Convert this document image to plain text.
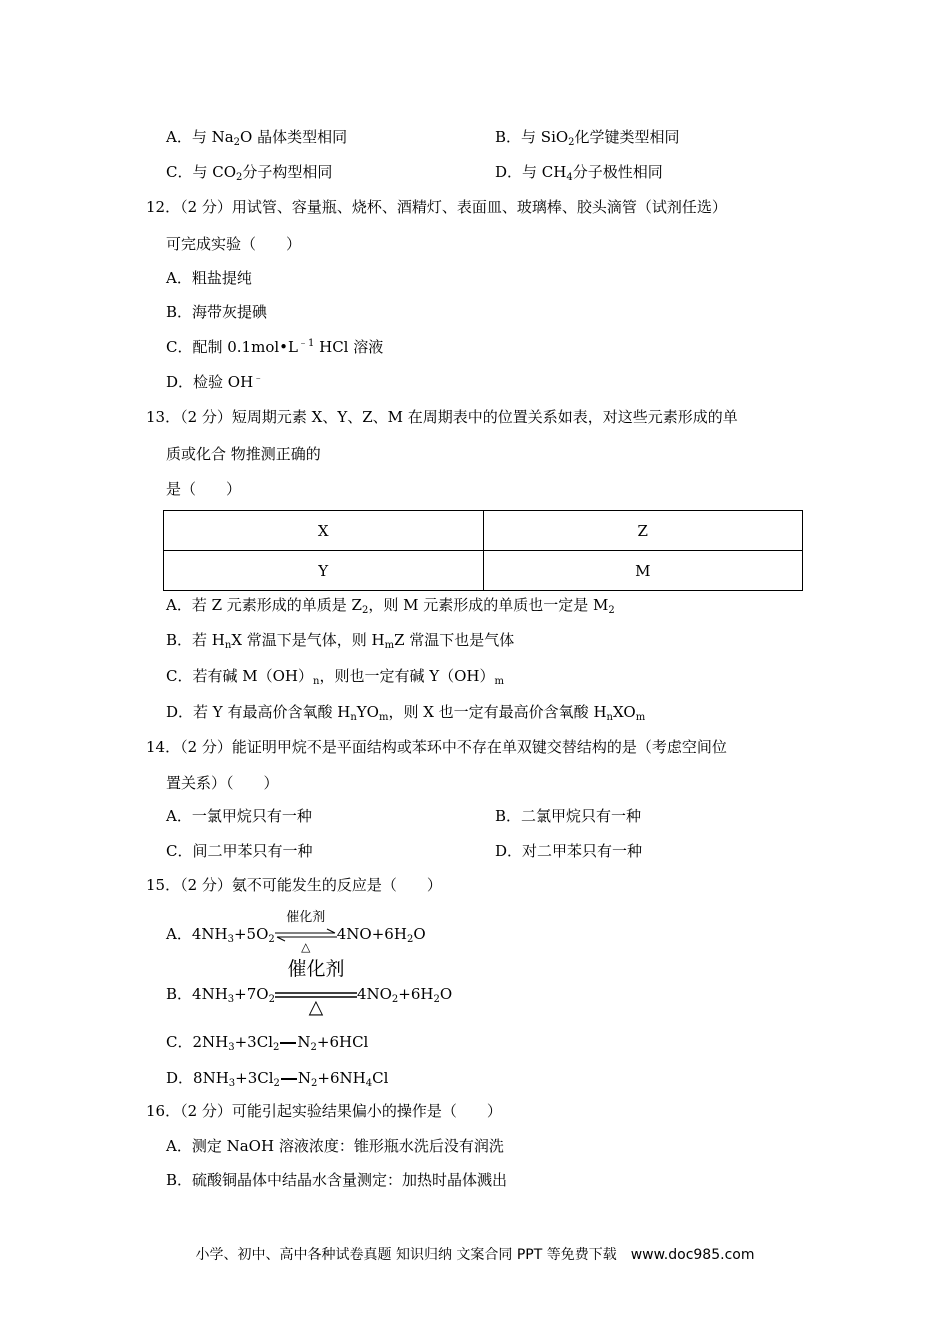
A．与 $Na_2O$ 晶体类型相同	B．与 SiO$_2$化学键类型相同
C．与 $CO_2$分子构型相同	D．与 $CH_4$分子极性相同
12．（2 分）用试管、容量瓶、烧杯、酒精灯、表面皿、玻璃棒、胶头滴管（试剂任选）
可完成实验（　　）
A．粗盐提纯
B．海带灰提碘
C．配制 $0.1mol•L^{﹣1}$ HCl 溶液
D．检验 OH﹣
13．（2 分）短周期元素 X、Y、Z、M 在周期表中的位置关系如表，对这些元素形成的单
质或化合 物推测正确的
是（　　）
X	Z
Y	M
A．若 Z 元素形成的单质是 $Z_2$，则 M 元素形成的单质也一定是 $M_2$
B．若 $H_nX$ 常温下是气体，则 $H_mZ$ 常温下也是气体
C．若有碱 $M(OH)_n$，则也一定有碱 $Y(OH)_m$
D．若 Y 有最高价含氧酸 $H_nYO_m$，则 X 也一定有最高价含氧酸 $H_nXO_m$
14．（2 分）能证明甲烷不是平面结构或苯环中不存在单双键交替结构的是（考虑空间位
置关系）（　　）
A．一氯甲烷只有一种	B．二氯甲烷只有一种
C．间二甲苯只有一种	D．对二甲苯只有一种
15．（2 分）氨不可能发生的反应是（　　）
A．$4NH_3+5O_2$
催化剂
△
$4NO+6H_2O$
B．$4NH_3+7O_2$
催化剂
△
$4NO_2+6H_2O$
C．$2NH_3+3Cl_2$ $N_2+6HCl$
D．$8NH_3+3Cl_2$ $N_2+6NH_4Cl$
16．（2 分）可能引起实验结果偏小的操作是（　　）
A．测定 NaOH 溶液浓度：锥形瓶水洗后没有润洗
B．硫酸铜晶体中结晶水含量测定：加热时晶体溅出
小学、初中、高中各种试卷真题 知识归纳 文案合同 PPT 等免费下载　www.doc985.com
